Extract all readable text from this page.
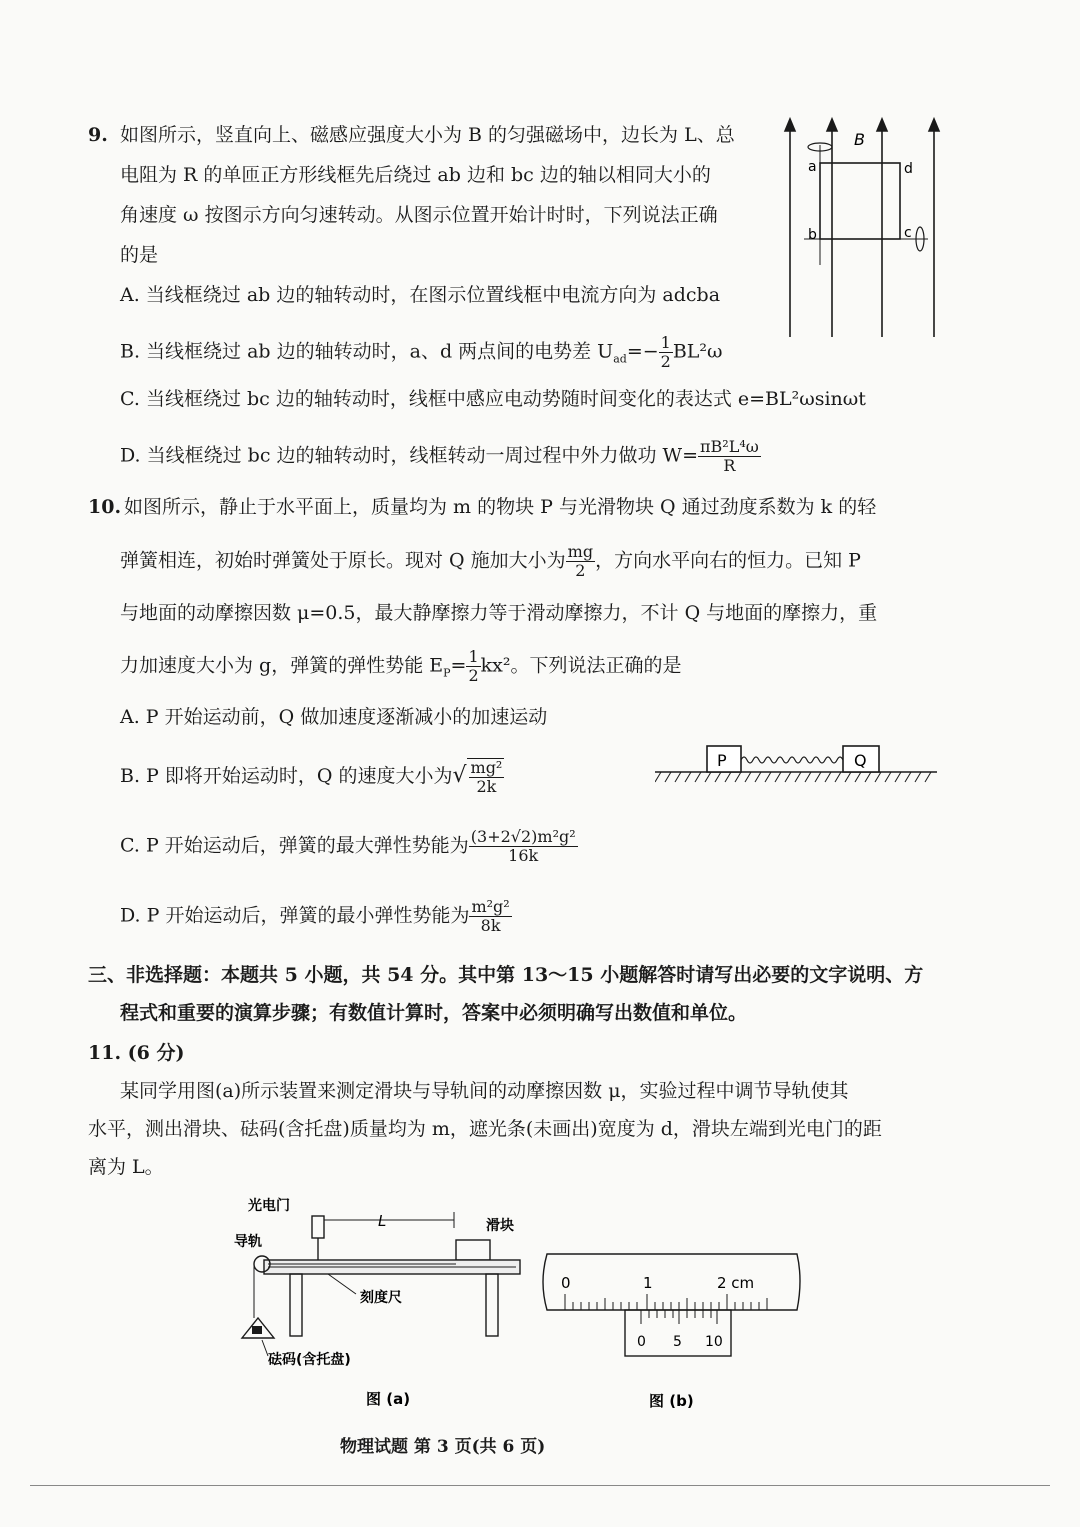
9. 如图所示，竖直向上、磁感应强度大小为 B 的匀强磁场中，边长为 L、总
电阻为 R 的单匝正方形线框先后绕过 ab 边和 bc 边的轴以相同大小的
角速度 ω 按图示方向匀速转动。从图示位置开始计时时，下列说法正确
的是
A. 当线框绕过 ab 边的轴转动时，在图示位置线框中电流方向为 adcba
B. 当线框绕过 ab 边的轴转动时，a、d 两点间的电势差 $U_{ad}=- \frac{1}{2} BL^2\omega$
C. 当线框绕过 bc 边的轴转动时，线框中感应电动势随时间变化的表达式 e=BL²ωsinωt
D. 当线框绕过 bc 边的轴转动时，线框转动一周过程中外力做功 $W= \frac{\text{πB²L⁴ω}}{R}$
B
a	d
b	c
10. 如图所示，静止于水平面上，质量均为 m 的物块 P 与光滑物块 Q 通过劲度系数为 k 的轻
弹簧相连，初始时弹簧处于原长。现对 Q 施加大小为 $\frac{mg}{2}$ ，方向水平向右的恒力。已知 P
与地面的动摩擦因数 μ=0.5，最大静摩擦力等于滑动摩擦力，不计 Q 与地面的摩擦力，重
力加速度大小为 g，弹簧的弹性势能 $E_P= \frac{1}{2} kx^2$。下列说法正确的是
A. P 开始运动前，Q 做加速度逐渐减小的加速运动
B. P 即将开始运动时，Q 的速度大小为√ $\frac{\text{mg²}}{2k}$
C. P 开始运动后，弹簧的最大弹性势能为 $\frac{\text{(3+2√2)m²g²}}{16k}$
D. P 开始运动后，弹簧的最小弹性势能为 $\frac{\text{m²g²}}{8k}$
P	Q
三、非选择题：本题共 5 小题，共 54 分。其中第 13～15 小题解答时请写出必要的文字说明、方
程式和重要的演算步骤；有数值计算时，答案中必须明确写出数值和单位。
11. (6 分)
某同学用图(a)所示装置来测定滑块与导轨间的动摩擦因数 μ，实验过程中调节导轨使其
水平，测出滑块、砝码(含托盘)质量均为 m，遮光条(未画出)宽度为 d，滑块左端到光电门的距
离为 L。
光电门
L	滑块
导轨
刻度尺
砝码(含托盘)
图 (a)
0	1	2 cm
0 5 10
图 (b)
物理试题 第 3 页(共 6 页)
